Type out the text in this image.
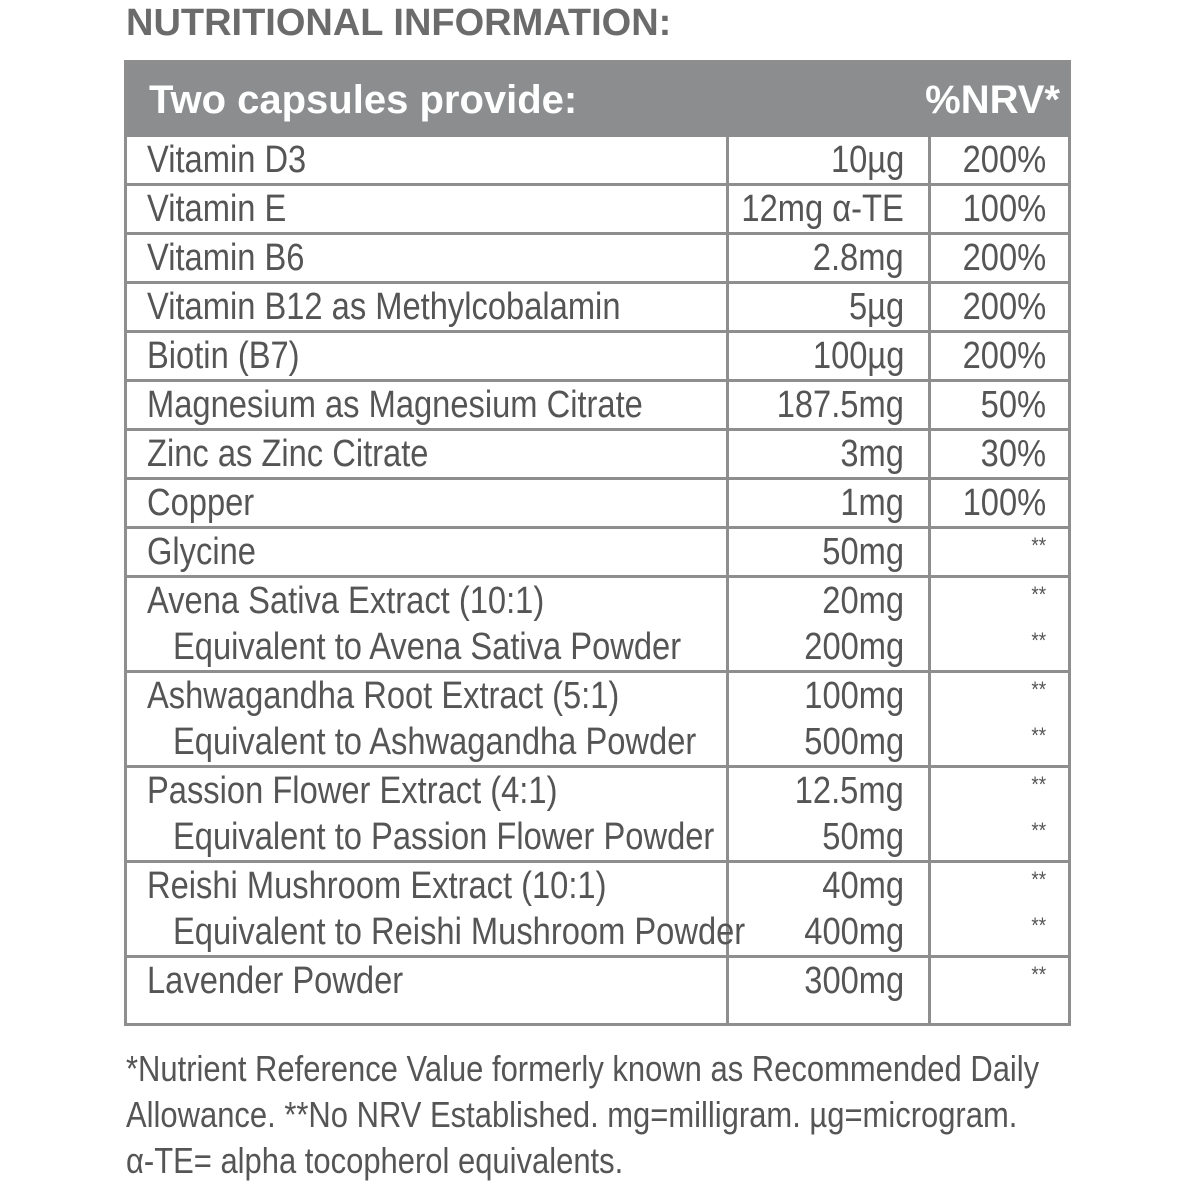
NUTRITIONAL INFORMATION:
Two capsules provide:	%NRV*
Vitamin D3	10µg 200%
Vitamin E	12mg α-TE 100%
Vitamin B6	2.8mg 200%
Vitamin B12 as Methylcobalamin	5µg 200%
Biotin (B7)	100µg 200%
Magnesium as Magnesium Citrate	187.5mg 50%
Zinc as Zinc Citrate	3mg 30%
Copper	1mg 100%
Glycine	50mg	**
Avena Sativa Extract (10:1)	20mg	**
Equivalent to Avena Sativa Powder	200mg	**
Ashwagandha Root Extract (5:1)	100mg	**
Equivalent to Ashwagandha Powder	500mg	**
Passion Flower Extract (4:1)	12.5mg	**
Equivalent to Passion Flower Powder	50mg	**
Reishi Mushroom Extract (10:1)	40mg	**
Equivalent to Reishi Mushroom Powder 400mg	**
Lavender Powder	300mg	**
*Nutrient Reference Value formerly known as Recommended Daily
Allowance. **No NRV Established. mg=milligram. µg=microgram.
α-TE= alpha tocopherol equivalents.
